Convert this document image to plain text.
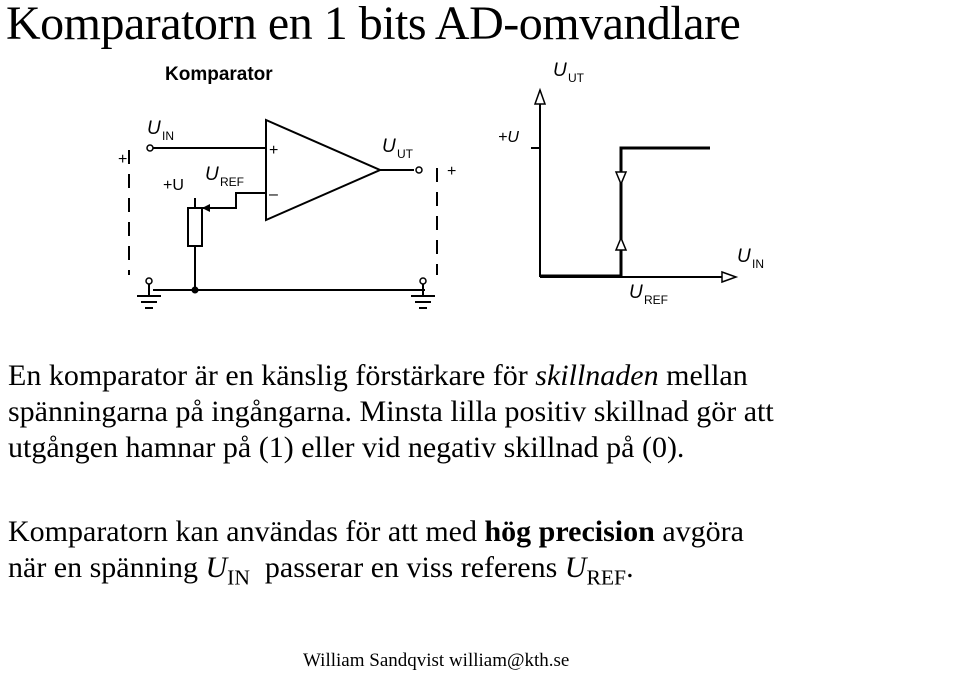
Komparatorn en 1 bits AD-omvandlare
Komparator
U IN
U REF
U UT
+
+
+U
+
–
U UT
+U
U IN
U REF
En komparator är en känslig förstärkare för skillnaden mellan
spänningarna på ingångarna. Minsta lilla positiv skillnad gör att
utgången hamnar på (1) eller vid negativ skillnad på (0).
Komparatorn kan användas för att med hög precision avgöra
när en spänning $U_{IN}$  passerar en viss referens $U_{REF}$.
William Sandqvist william@kth.se
